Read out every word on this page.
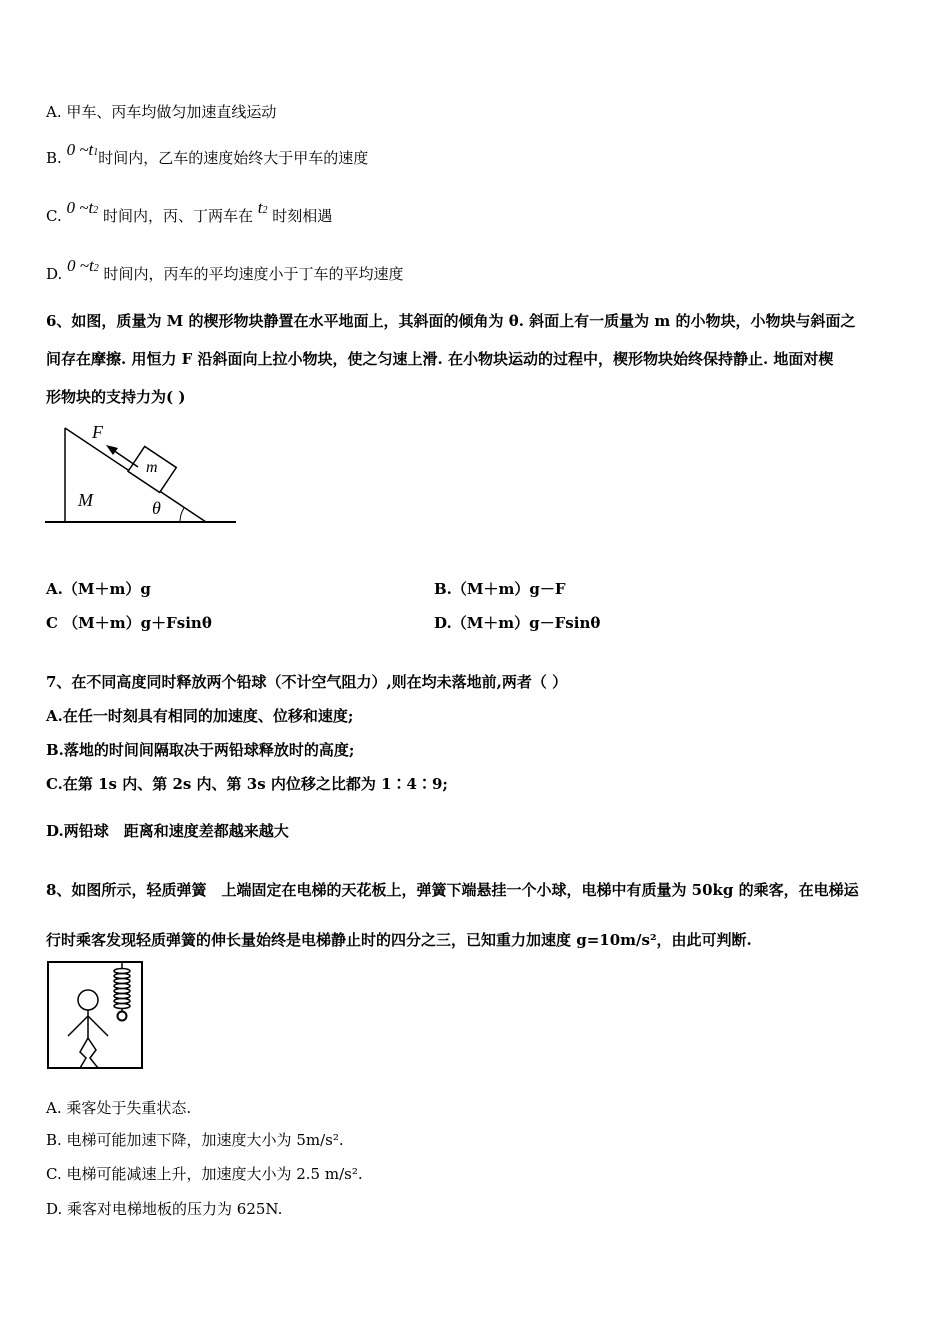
A. 甲车、丙车均做匀加速直线运动
B. 0 ~t1时间内，乙车的速度始终大于甲车的速度
C. 0 ~t2 时间内，丙、丁两车在 t2 时刻相遇
D. 0 ~t2 时间内，丙车的平均速度小于丁车的平均速度
6、如图，质量为 M 的楔形物块静置在水平地面上，其斜面的倾角为 θ. 斜面上有一质量为 m 的小物块，小物块与斜面之
间存在摩擦. 用恒力 F 沿斜面向上拉小物块，使之匀速上滑. 在小物块运动的过程中，楔形物块始终保持静止. 地面对楔
形物块的支持力为( )
F
m
M	θ
A.（M＋m）g	B.（M＋m）g－F
C （M＋m）g＋Fsinθ	D.（M＋m）g－Fsinθ
7、在不同高度同时释放两个铅球（不计空气阻力）,则在均未落地前,两者（ ）
A.在任一时刻具有相同的加速度、位移和速度;
B.落地的时间间隔取决于两铅球释放时的高度;
C.在第 1s 内、第 2s 内、第 3s 内位移之比都为 1∶4∶9;
D.两铅球　距离和速度差都越来越大
8、如图所示，轻质弹簧　上端固定在电梯的天花板上，弹簧下端悬挂一个小球，电梯中有质量为 50kg 的乘客，在电梯运
行时乘客发现轻质弹簧的伸长量始终是电梯静止时的四分之三，已知重力加速度 g=10m/s²，由此可判断.
A. 乘客处于失重状态.
B. 电梯可能加速下降，加速度大小为 5m/s².
C. 电梯可能减速上升，加速度大小为 2.5 m/s².
D. 乘客对电梯地板的压力为 625N.
